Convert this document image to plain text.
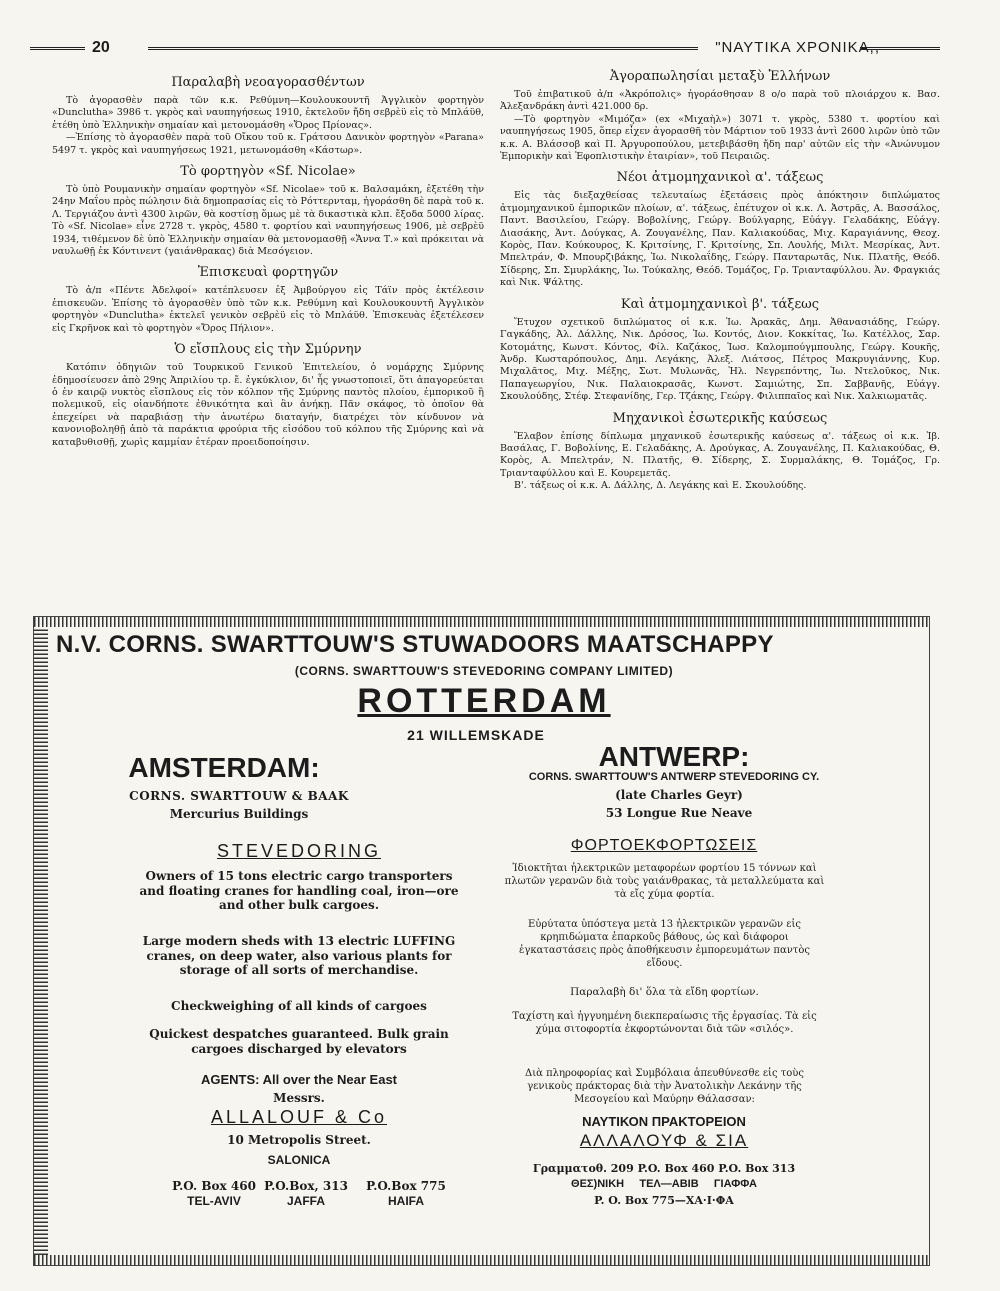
20	"ΝΑΥΤΙΚΑ ΧΡΟΝΙΚΑ,,
Παραλαβὴ νεοαγορασθέντων

Τὸ ἀγορασθὲν παρὰ τῶν κ.κ. Ρεθύμνη—Κουλουκουντῆ Ἀγγλικὸν φορτηγὸν «Dunclutha» 3986 τ. γκρὸς καὶ ναυπηγήσεως 1910, ἐκτελοῦν ἤδη σεβρὲϋ εἰς τὸ Μπλάϋθ, ἐτέθη ὑπὸ Ἑλληνικὴν σημαίαν καὶ μετονομάσθη «Ὄρος Πρίονας».

—Ἐπίσης τὸ ἀγορασθὲν παρὰ τοῦ Οἴκου τοῦ κ. Γράτσου Δανικὸν φορτηγὸν «Parana» 5497 τ. γκρὸς καὶ ναυπηγήσεως 1921, μετωνομάσθη «Κάστωρ».

Τὸ φορτηγὸν «Sf. Nicolae»

Τὸ ὑπὸ Ρουμανικὴν σημαίαν φορτηγὸν «Sf. Nicolae» τοῦ κ. Βαλσαμάκη, ἐξετέθη τὴν 24ην Μαΐου πρὸς πώλησιν διὰ δημοπρασίας εἰς τὸ Ρόττερνταμ, ἠγοράσθη δὲ παρὰ τοῦ κ. Λ. Τεργιάζου ἀντὶ 4300 λιρῶν, θὰ κοστίσῃ ὅμως μὲ τὰ δικαστικὰ κλπ. ἔξοδα 5000 λίρας. Τὸ «Sf. Nicolae» εἶνε 2728 τ. γκρὸς, 4580 τ. φορτίου καὶ ναυπηγήσεως 1906, μὲ σεβρὲϋ 1934, τιθέμενον δὲ ὑπὸ Ἑλληνικὴν σημαίαν θὰ μετονομασθῇ «Ἄννα Τ.» καὶ πρόκειται νὰ ναυλωθῇ ἐκ Κόντινεντ (γαιάνθρακας) διὰ Μεσόγειον.

Ἐπισκευαὶ φορτηγῶν

Τὸ ἀ/π «Πέντε Ἀδελφοί» κατέπλευσεν ἐξ Ἀμβούργου εἰς Τάϊν πρὸς ἐκτέλεσιν ἐπισκευῶν. Ἐπίσης τὸ ἀγορασθὲν ὑπὸ τῶν κ.κ. Ρεθύμνη καὶ Κουλουκουντῆ Ἀγγλικὸν φορτηγὸν «Dunclutha» ἐκτελεῖ γενικὸν σεβρὲϋ εἰς τὸ Μπλάϋθ. Ἐπισκευὰς ἐξετέλεσεν εἰς Γκρῆνοκ καὶ τὸ φορτηγὸν «Ὄρος Πήλιον».

Ὁ εἴσπλους εἰς τὴν Σμύρνην

Κατόπιν ὁδηγιῶν τοῦ Τουρκικοῦ Γενικοῦ Ἐπιτελείου, ὁ νομάρχης Σμύρνης ἐδημοσίευσεν ἀπὸ 29ης Ἀπριλίου τρ. ἔ. ἐγκύκλιον, δι' ἧς γνωστοποιεῖ, ὅτι ἀπαγορεύεται ὁ ἐν καιρῷ νυκτὸς εἴσπλους εἰς τὸν κόλπον τῆς Σμύρνης παντὸς πλοίου, ἐμπορικοῦ ἢ πολεμικοῦ, εἰς οἱανδήποτε ἐθνικότητα καὶ ἂν ἀνήκῃ. Πᾶν σκάφος, τὸ ὁποῖον θὰ ἐπεχείρει νὰ παραβιάσῃ τὴν ἀνωτέρω διαταγήν, διατρέχει τὸν κίνδυνον νὰ κανονιοβοληθῇ ἀπὸ τὰ παράκτια φρούρια τῆς εἰσόδου τοῦ κόλπου τῆς Σμύρνης καὶ νὰ καταβυθισθῇ, χωρὶς καμμίαν ἑτέραν προειδοποίησιν.

Ἀγοραπωλησίαι μεταξὺ Ἑλλήνων

Τοῦ ἐπιβατικοῦ ἀ/π «Ἀκρόπολις» ἠγοράσθησαν 8 ο/ο παρὰ τοῦ πλοιάρχου κ. Βασ. Ἀλεξανδράκη ἀντὶ 421.000 δρ.

—Τὸ φορτηγὸν «Μιμόζα» (ex «Μιχαὴλ») 3071 τ. γκρὸς, 5380 τ. φορτίου καὶ ναυπηγήσεως 1905, ὅπερ εἶχεν ἀγορασθῆ τὸν Μάρτιον τοῦ 1933 ἀντὶ 2600 λιρῶν ὑπὸ τῶν κ.κ. Α. Βλάσσοβ καὶ Π. Ἀργυροπούλου, μετεβιβάσθη ἤδη παρ' αὐτῶν εἰς τὴν «Ἀνώνυμον Ἐμπορικὴν καὶ Ἐφοπλιστικὴν ἑταιρίαν», τοῦ Πειραιῶς.

Νέοι ἀτμομηχανικοὶ α'. τάξεως

Εἰς τὰς διεξαχθείσας τελευταίως ἐξετάσεις πρὸς ἀπόκτησιν διπλώματος ἀτμομηχανικοῦ ἐμπορικῶν πλοίων, α'. τάξεως, ἐπέτυχον οἱ κ.κ. Λ. Ἀστρᾶς, Α. Βασσάλος, Παντ. Βασιλείου, Γεώργ. Βοβολίνης, Γεώργ. Βούλγαρης, Εὐάγγ. Γελαδάκης, Εὐάγγ. Διασάκης, Ἀντ. Δούγκας, Α. Ζουγανέλης, Παν. Καλιακούδας, Μιχ. Καραγιάννης, Θεοχ. Κορὸς, Παν. Κούκουρος, Κ. Κριτσίνης, Γ. Κριτσίνης, Σπ. Λουλής, Μιλτ. Μεσρίκας, Ἀντ. Μπελτράν, Φ. Μπουρζιβάκης, Ἰω. Νικολαΐδης, Γεώργ. Πανταρωτᾶς, Νικ. Πλατῆς, Θεόδ. Σίδερης, Σπ. Σμυρλάκης, Ἰω. Τούκαλης, Θεόδ. Τομάζος, Γρ. Τριανταφύλλου. Ἀν. Φραγκιάς καὶ Νικ. Ψάλτης.

Καὶ ἀτμομηχανικοὶ β'. τάξεως

Ἔτυχον σχετικοῦ διπλώματος οἱ κ.κ. Ἰω. Ἀρακᾶς, Δημ. Ἀθανασιάδης, Γεώργ. Γαγκάδης, Ἀλ. Δάλλης, Νικ. Δρόσος, Ἰω. Κοντός, Διον. Κοκκίτας, Ἰω. Κατέλλος, Σαρ. Κοτομάτης, Κωνστ. Κόντος, Φίλ. Καζάκος, Ἰωσ. Καλομπούγμπουλης, Γεώργ. Κουκῆς, Ἀνδρ. Κωσταρόπουλος, Δημ. Λεγάκης, Ἀλεξ. Λιάτσος, Πέτρος Μακρυγιάννης, Κυρ. Μιχαλᾶτος, Μιχ. Μέξης, Σωτ. Μυλωνᾶς, Ἠλ. Νεγρεπόντης, Ἰω. Ντελοῦκος, Νικ. Παπαγεωργίου, Νικ. Παλαιοκρασᾶς, Κωνστ. Σαμιώτης, Σπ. Σαββανῆς, Εὐάγγ. Σκουλούδης, Στέφ. Στεφανίδης, Γερ. Τζάκης, Γεώργ. Φιλιππαῖος καὶ Νικ. Χαλκιωματᾶς.

Μηχανικοὶ ἐσωτερικῆς καύσεως

Ἔλαβον ἐπίσης δίπλωμα μηχανικοῦ ἐσωτερικῆς καύσεως α'. τάξεως οἱ κ.κ. Ἰβ. Βασάλας, Γ. Βοβολίνης, Ε. Γελαδάκης, Α. Δρούγκας, Α. Ζουγανέλης, Π. Καλιακούδας, Θ. Κορὸς, Α. Μπελτράν, Ν. Πλατῆς, Θ. Σίδερης, Σ. Συρμαλάκης, Θ. Τομάζος, Γρ. Τριανταφύλλου καὶ Ε. Κουρεμετᾶς.

Β'. τάξεως οἱ κ.κ. Α. Δάλλης, Δ. Λεγάκης καὶ Ε. Σκουλούδης.

N.V. CORNS. SWARTTOUW'S STUWADOORS MAATSCHAPPY
(CORNS. SWARTTOUW'S STEVEDORING COMPANY LIMITED)
ROTTERDAM
21 WILLEMSKADE
AMSTERDAM:
CORNS. SWARTTOUW & BAAK
Mercurius Buildings
ANTWERP:
CORNS. SWARTTOUW'S ANTWERP STEVEDORING CY.
(late Charles Geyr)
53 Longue Rue Neave
STEVEDORING
Owners of 15 tons electric cargo transporters and floating cranes for handling coal, iron—ore and other bulk cargoes.
Large modern sheds with 13 electric LUFFING cranes, on deep water, also various plants for storage of all sorts of merchandise.
Checkweighing of all kinds of cargoes
Quickest despatches guaranteed. Bulk grain cargoes discharged by elevators
AGENTS: All over the Near East
Messrs.
ALLALOUF & Co
10 Metropolis Street.
SALONICA
P.O. Box 460
TEL-AVIV
P.O.Box, 313
JAFFA
P.O.Box 775
HAIFA
ΦΟΡΤΟΕΚΦΟΡΤΩΣΕΙΣ
Ἰδιοκτῆται ἠλεκτρικῶν μεταφορέων φορτίου 15 τόννων καὶ πλωτῶν γερανῶν διὰ τοὺς γαιάνθρακας, τὰ μεταλλεύματα καὶ τὰ εἴς χύμα φορτία.
Εὐρύτατα ὑπόστεγα μετὰ 13 ἠλεκτρικῶν γερανῶν εἰς κρηπιδώματα ἐπαρκοῦς βάθους, ὡς καὶ διάφοροι ἐγκαταστάσεις πρὸς ἀποθήκευσιν ἐμπορευμάτων παντὸς εἴδους.
Παραλαβὴ δι' ὅλα τὰ εἴδη φορτίων.
Ταχίστη καὶ ἠγγυημένη διεκπεραίωσις τῆς ἐργασίας. Τὰ εἰς χύμα σιτοφορτία ἐκφορτώνονται διὰ τῶν «σιλός».
Διὰ πληροφορίας καὶ Συμβόλαια ἀπευθύνεσθε εἰς τοὺς γενικοὺς πράκτορας διὰ τὴν Ἀνατολικὴν Λεκάνην τῆς Μεσογείου καὶ Μαύρην Θάλασσαν:
ΝΑΥΤΙΚΟΝ ΠΡΑΚΤΟΡΕΙΟΝ
ΑΛΛΑΛΟΥΦ & ΣΙΑ
Γραμματοθ. 209 P.O. Box 460 P.O. Box 313
ΘΕΣ)ΝΙΚΗ     ΤΕΛ—ΑΒΙΒ     ΓΙΑΦΦΑ
P. O. Box 775—ΧΑ·Ι·ΦΑ
